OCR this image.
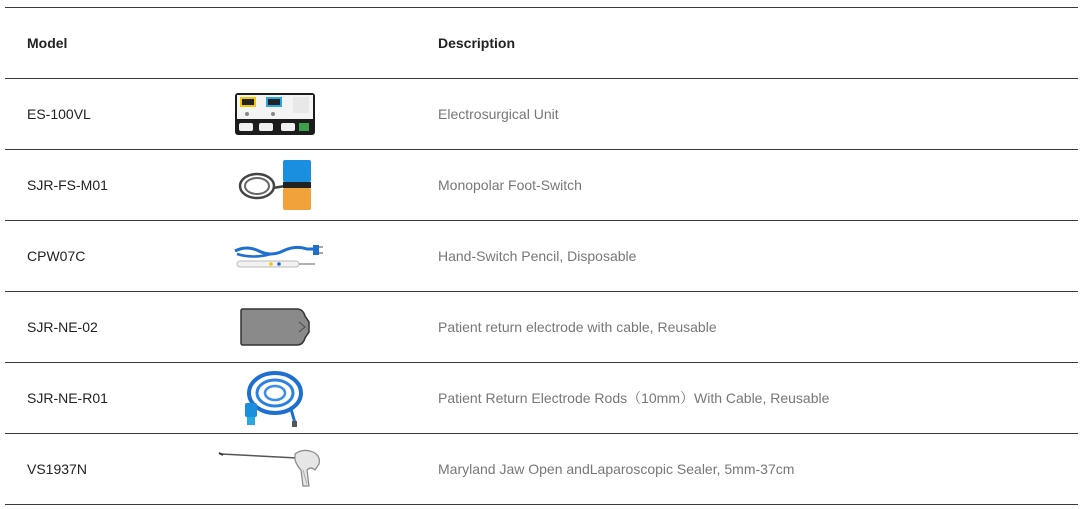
Model	Description
ES-100VL	Electrosurgical Unit
SJR-FS-M01	Monopolar Foot-Switch
CPW07C	Hand-Switch Pencil, Disposable
SJR-NE-02	Patient return electrode with cable, Reusable
SJR-NE-R01	Patient Return Electrode Rods（10mm）With Cable, Reusable
VS1937N	Maryland Jaw Open andLaparoscopic Sealer, 5mm-37cm
